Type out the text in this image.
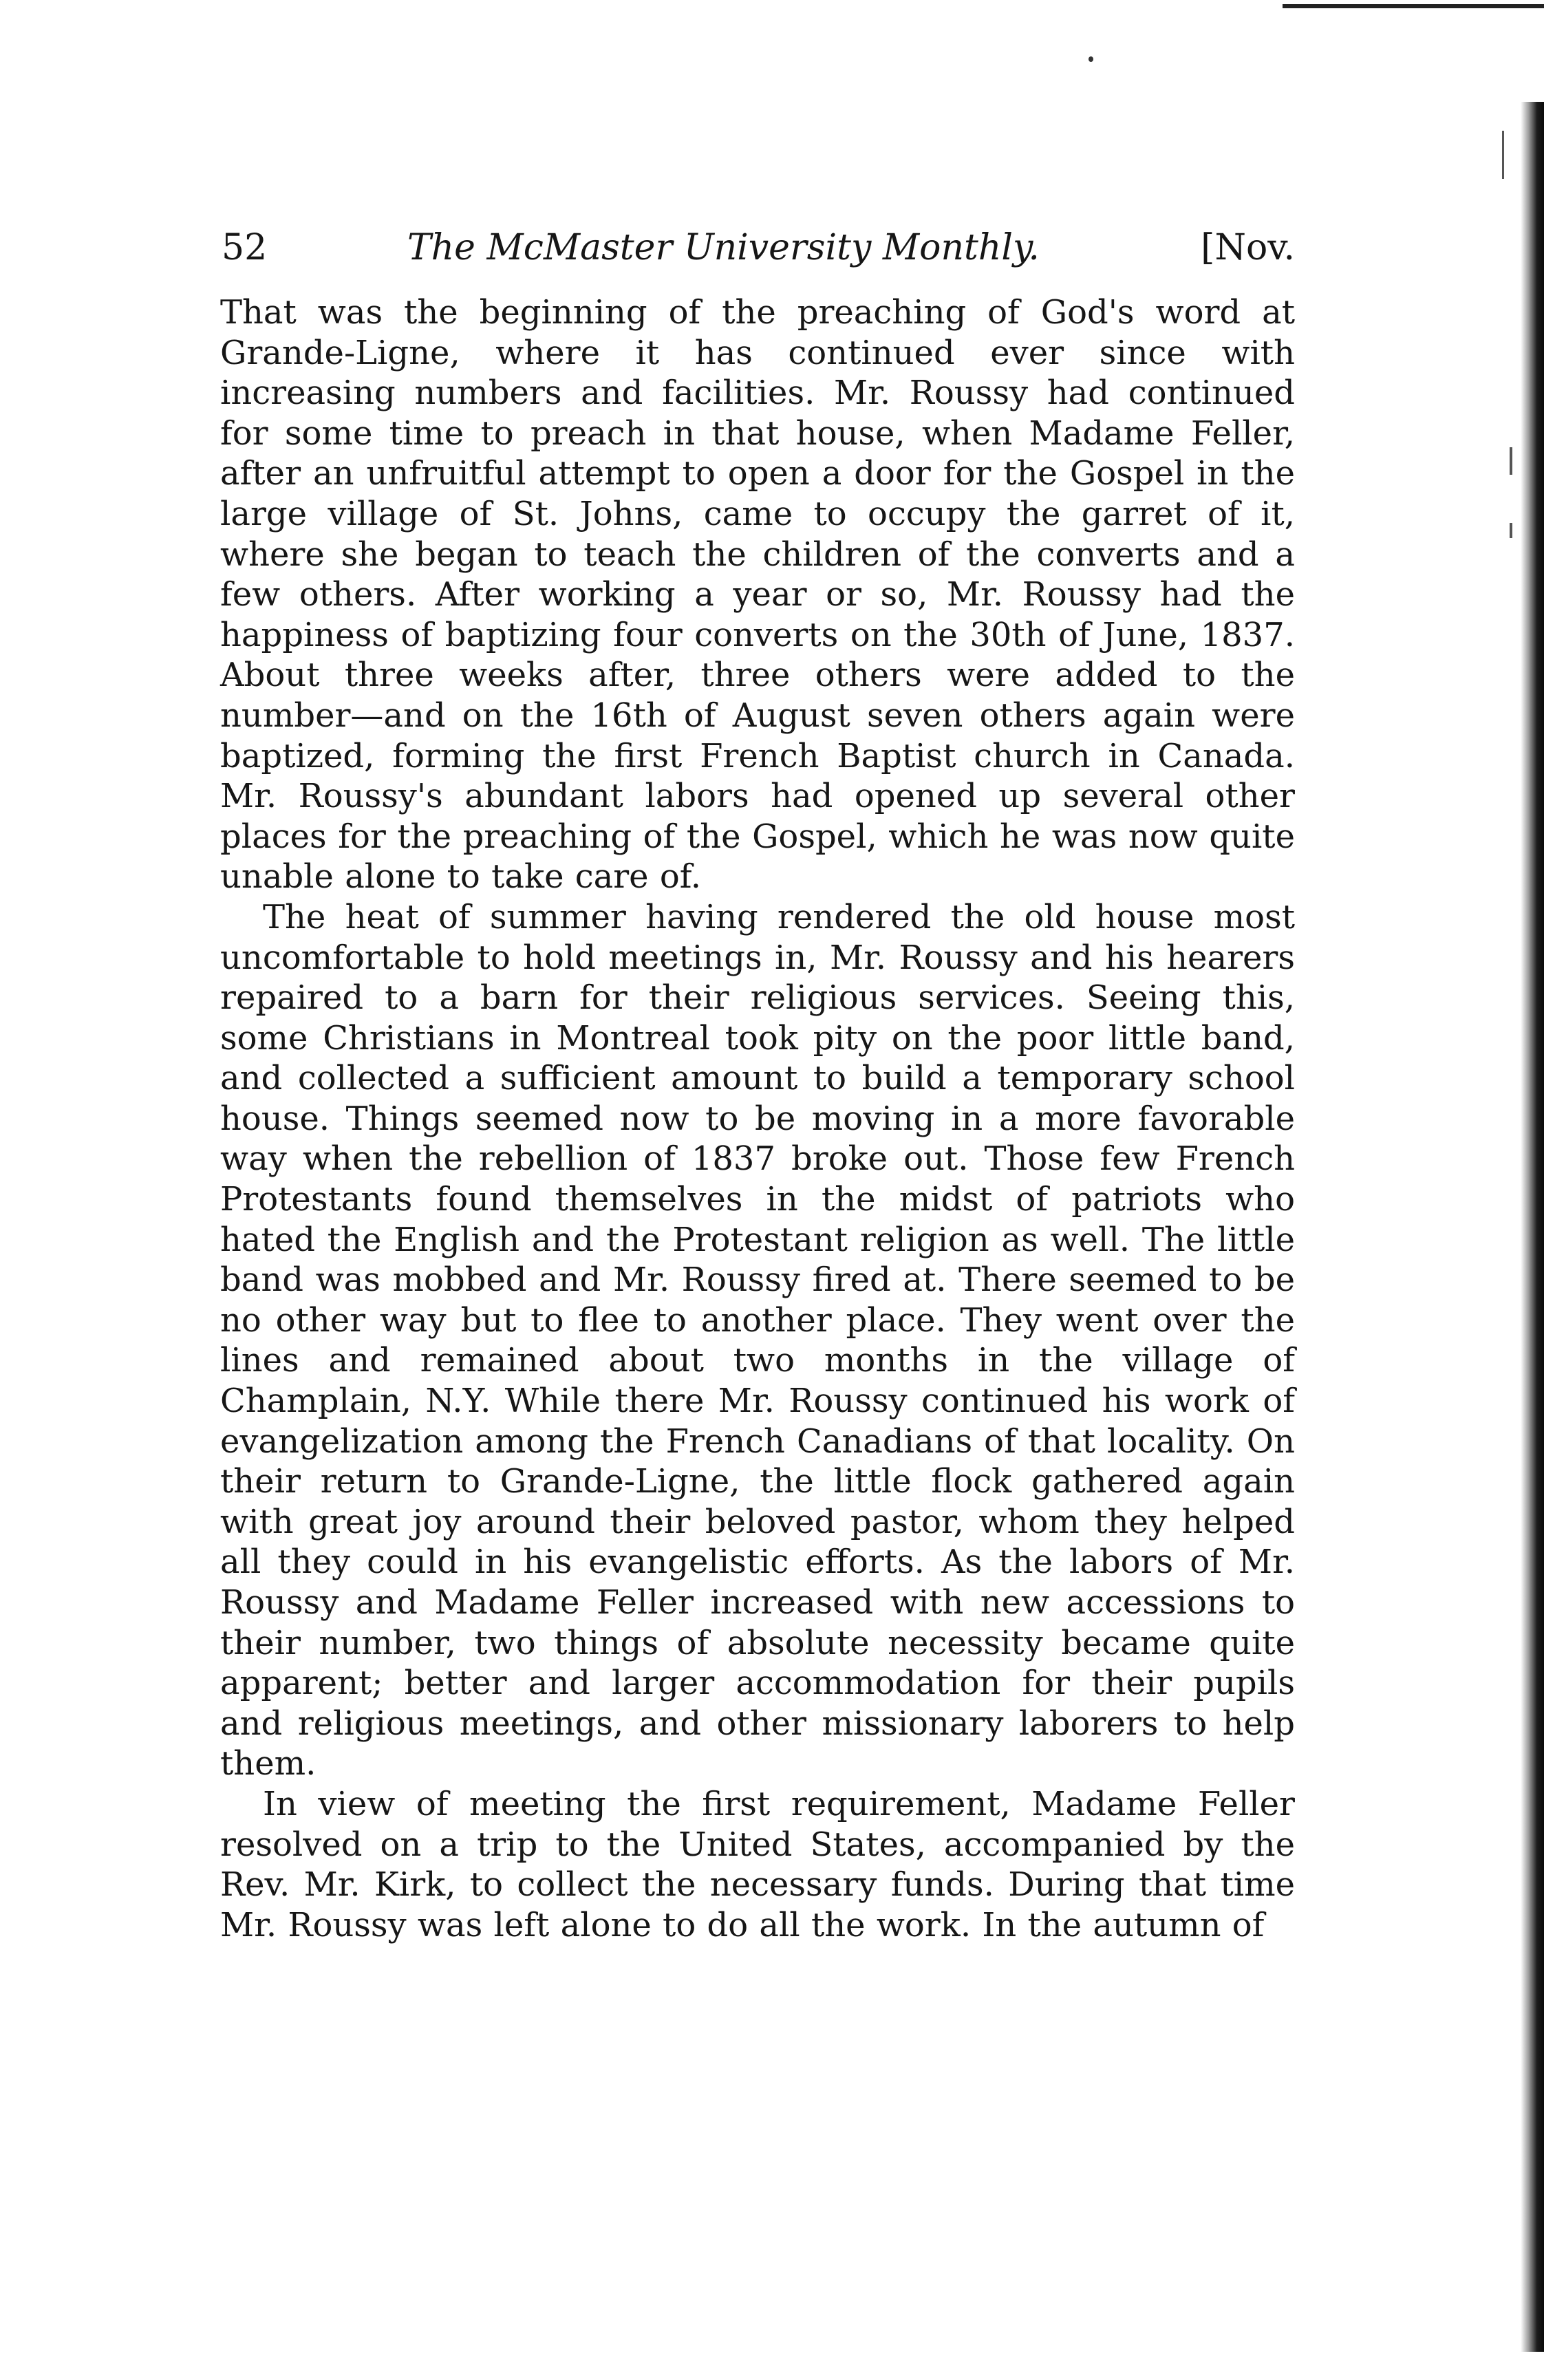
52	The McMaster University Monthly.	[Nov.

That was the beginning of the preaching of God's word at Grande-Ligne, where it has continued ever since with increasing numbers and facilities. Mr. Roussy had continued for some time to preach in that house, when Madame Feller, after an unfruitful attempt to open a door for the Gospel in the large village of St. Johns, came to occupy the garret of it, where she began to teach the children of the converts and a few others. After working a year or so, Mr. Roussy had the happiness of baptizing four converts on the 30th of June, 1837. About three weeks after, three others were added to the number—and on the 16th of August seven others again were baptized, forming the first French Baptist church in Canada. Mr. Roussy's abundant labors had opened up several other places for the preaching of the Gospel, which he was now quite unable alone to take care of.

The heat of summer having rendered the old house most uncomfortable to hold meetings in, Mr. Roussy and his hearers repaired to a barn for their religious services. Seeing this, some Christians in Montreal took pity on the poor little band, and collected a sufficient amount to build a temporary school house. Things seemed now to be moving in a more favorable way when the rebellion of 1837 broke out. Those few French Protestants found themselves in the midst of patriots who hated the English and the Protestant religion as well. The little band was mobbed and Mr. Roussy fired at. There seemed to be no other way but to flee to another place. They went over the lines and remained about two months in the village of Champlain, N.Y. While there Mr. Roussy continued his work of evangelization among the French Canadians of that locality. On their return to Grande-Ligne, the little flock gathered again with great joy around their beloved pastor, whom they helped all they could in his evangelistic efforts. As the labors of Mr. Roussy and Madame Feller increased with new accessions to their number, two things of absolute necessity became quite apparent; better and larger accommodation for their pupils and religious meetings, and other missionary laborers to help them.

In view of meeting the first requirement, Madame Feller resolved on a trip to the United States, accompanied by the Rev. Mr. Kirk, to collect the necessary funds. During that time Mr. Roussy was left alone to do all the work. In the autumn of
